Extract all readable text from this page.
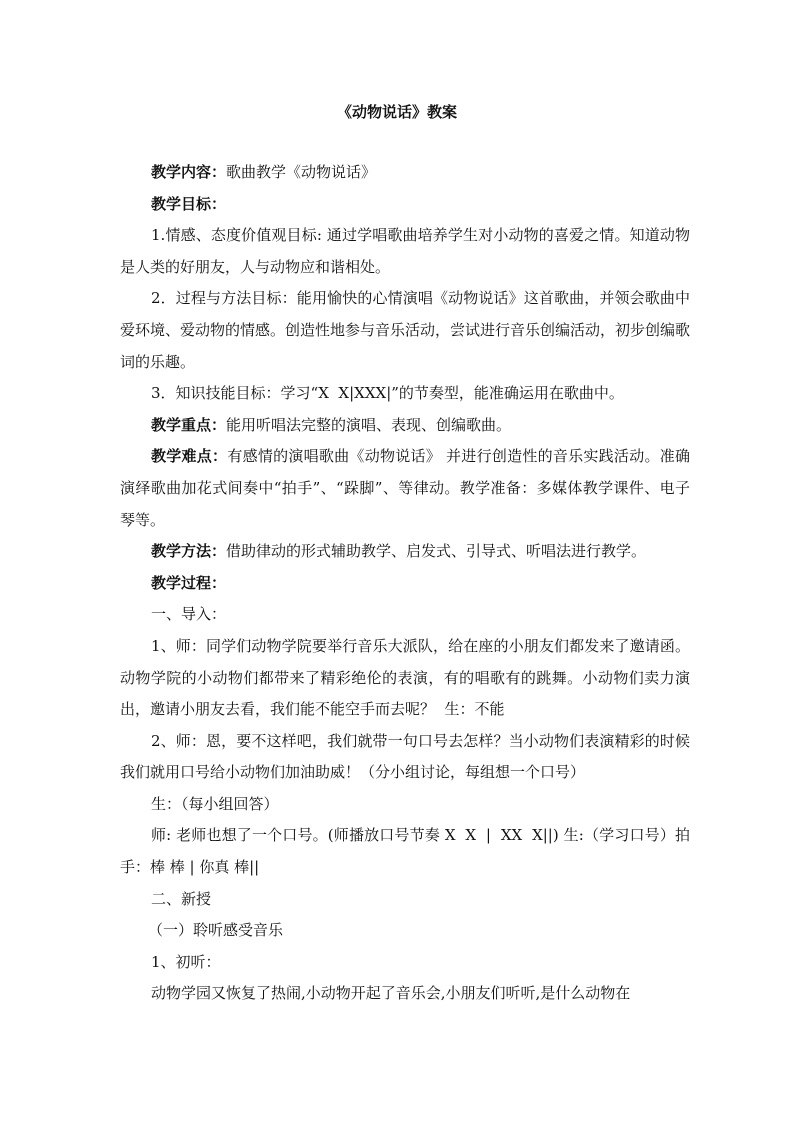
《动物说话》教案

教学内容：歌曲教学《动物说话》

教学目标：

1.情感、态度价值观目标: 通过学唱歌曲培养学生对小动物的喜爱之情。知道动物是人类的好朋友，人与动物应和谐相处。

2．过程与方法目标：能用愉快的心情演唱《动物说话》这首歌曲，并领会歌曲中爱环境、爱动物的情感。创造性地参与音乐活动，尝试进行音乐创编活动，初步创编歌词的乐趣。

3．知识技能目标：学习“X  X|XXX|”的节奏型，能准确运用在歌曲中。

教学重点：能用听唱法完整的演唱、表现、创编歌曲。

教学难点：有感情的演唱歌曲《动物说话》 并进行创造性的音乐实践活动。准确演绎歌曲加花式间奏中“拍手”、“跺脚”、等律动。教学准备：多媒体教学课件、电子琴等。

教学方法：借助律动的形式辅助教学、启发式、引导式、听唱法进行教学。

教学过程：

一、导入：

1、师：同学们动物学院要举行音乐大派队，给在座的小朋友们都发来了邀请函。动物学院的小动物们都带来了精彩绝伦的表演，有的唱歌有的跳舞。小动物们卖力演出，邀请小朋友去看，我们能不能空手而去呢？  生：不能

2、师：恩，要不这样吧，我们就带一句口号去怎样？当小动物们表演精彩的时候我们就用口号给小动物们加油助威！（分小组讨论，每组想一个口号）

生：（每小组回答）

师: 老师也想了一个口号。(师播放口号节奏 X  X  |  XX  X||) 生:（学习口号）拍手：棒 棒 | 你真 棒||

二、新授

（一）聆听感受音乐

1、初听：

动物学园又恢复了热闹,小动物开起了音乐会,小朋友们听听,是什么动物在
